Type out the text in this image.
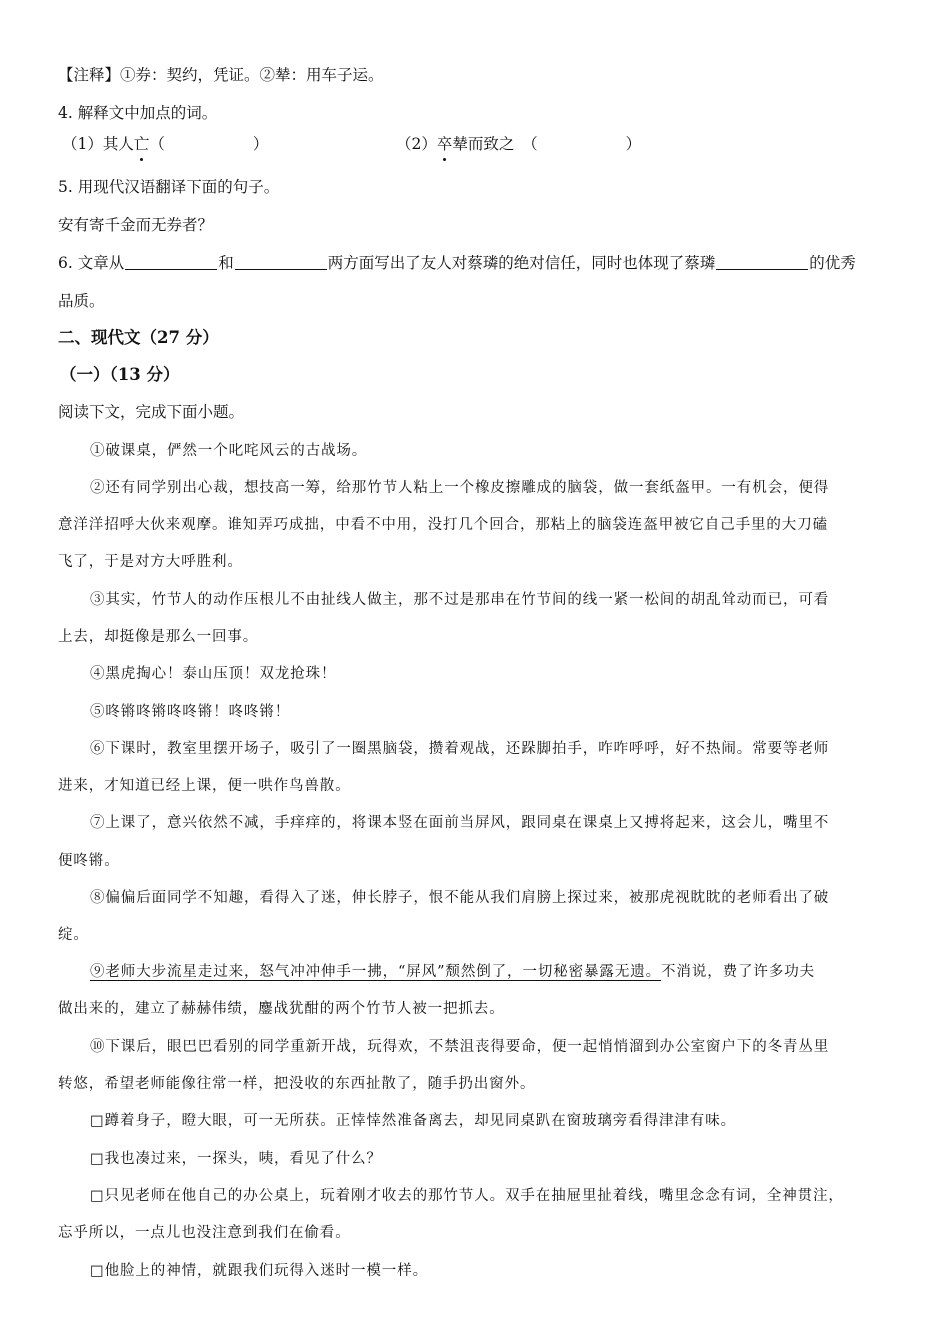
【注释】①券：契约，凭证。②辇：用车子运。
4. 解释文中加点的词。
（1）其人亡（	）	（2）卒辇而致之　（	）
5. 用现代汉语翻译下面的句子。
安有寄千金而无券者？
6. 文章从	和	两方面写出了友人对蔡璘的绝对信任，同时也体现了蔡璘	的优秀
品质。
二、现代文（27 分）
（一）（13 分）
阅读下文，完成下面小题。
①破课桌，俨然一个叱咤风云的古战场。
②还有同学别出心裁，想技高一筹，给那竹节人粘上一个橡皮擦雕成的脑袋，做一套纸盔甲。一有机会，便得
意洋洋招呼大伙来观摩。谁知弄巧成拙，中看不中用，没打几个回合，那粘上的脑袋连盔甲被它自己手里的大刀磕
飞了，于是对方大呼胜利。
③其实，竹节人的动作压根儿不由扯线人做主，那不过是那串在竹节间的线一紧一松间的胡乱耸动而已，可看
上去，却挺像是那么一回事。
④黑虎掏心！泰山压顶！双龙抢珠！
⑤咚锵咚锵咚咚锵！咚咚锵！
⑥下课时，教室里摆开场子，吸引了一圈黑脑袋，攒着观战，还跺脚拍手，咋咋呼呼，好不热闹。常要等老师
进来，才知道已经上课，便一哄作鸟兽散。
⑦上课了，意兴依然不减，手痒痒的，将课本竖在面前当屏风，跟同桌在课桌上又搏将起来，这会儿，嘴里不
便咚锵。
⑧偏偏后面同学不知趣，看得入了迷，伸长脖子，恨不能从我们肩膀上探过来，被那虎视眈眈的老师看出了破
绽。
⑨老师大步流星走过来，怒气冲冲伸手一拂，“屏风”颓然倒了，一切秘密暴露无遗。不消说，费了许多功夫
做出来的，建立了赫赫伟绩，鏖战犹酣的两个竹节人被一把抓去。
⑩下课后，眼巴巴看别的同学重新开战，玩得欢，不禁沮丧得要命，便一起悄悄溜到办公室窗户下的冬青丛里
转悠，希望老师能像往常一样，把没收的东西扯散了，随手扔出窗外。
□蹲着身子，瞪大眼，可一无所获。正悻悻然准备离去，却见同桌趴在窗玻璃旁看得津津有味。
□我也凑过来，一探头，咦，看见了什么？
□只见老师在他自己的办公桌上，玩着刚才收去的那竹节人。双手在抽屉里扯着线，嘴里念念有词，全神贯注，
忘乎所以，一点儿也没注意到我们在偷看。
□他脸上的神情，就跟我们玩得入迷时一模一样。
